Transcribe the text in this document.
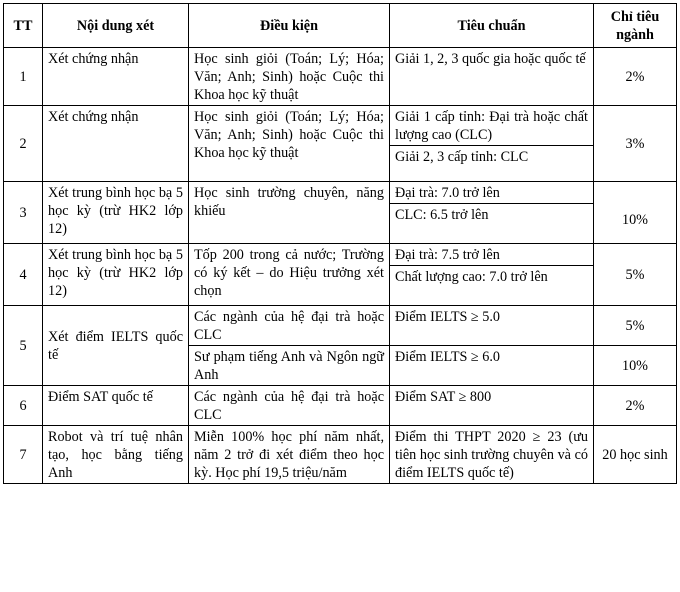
TT	Nội dung xét	Điều kiện	Tiêu chuẩn	Chỉ tiêu ngành
1	Xét chứng nhận	Học sinh giỏi (Toán; Lý; Hóa; Văn; Anh; Sinh) hoặc Cuộc thi Khoa học kỹ thuật	Giải 1, 2, 3 quốc gia hoặc quốc tế	2%
2	Xét chứng nhận	Học sinh giỏi (Toán; Lý; Hóa; Văn; Anh; Sinh) hoặc Cuộc thi Khoa học kỹ thuật	Giải 1 cấp tỉnh: Đại trà hoặc chất lượng cao (CLC)	3%
			Giải 2, 3 cấp tỉnh: CLC	
3	Xét trung bình học bạ 5 học kỳ (trừ HK2 lớp 12)	Học sinh trường chuyên, năng khiếu	Đại trà: 7.0 trở lên	10%
			CLC: 6.5 trở lên	
4	Xét trung bình học bạ 5 học kỳ (trừ HK2 lớp 12)	Tốp 200 trong cả nước; Trường có ký kết – do Hiệu trưởng xét chọn	Đại trà: 7.5 trở lên	5%
			Chất lượng cao: 7.0 trở lên	
5	Xét điểm IELTS quốc tế	Các ngành của hệ đại trà hoặc CLC	Điểm IELTS ≥ 5.0	5%
		Sư phạm tiếng Anh và Ngôn ngữ Anh	Điểm IELTS ≥ 6.0	10%
6	Điểm SAT quốc tế	Các ngành của hệ đại trà hoặc CLC	Điểm SAT ≥ 800	2%
7	Robot và trí tuệ nhân tạo, học bằng tiếng Anh	Miễn 100% học phí năm nhất, năm 2 trở đi xét điểm theo học kỳ. Học phí 19,5 triệu/năm	Điểm thi THPT 2020 ≥ 23 (ưu tiên học sinh trường chuyên và có điểm IELTS quốc tế)	20 học sinh
